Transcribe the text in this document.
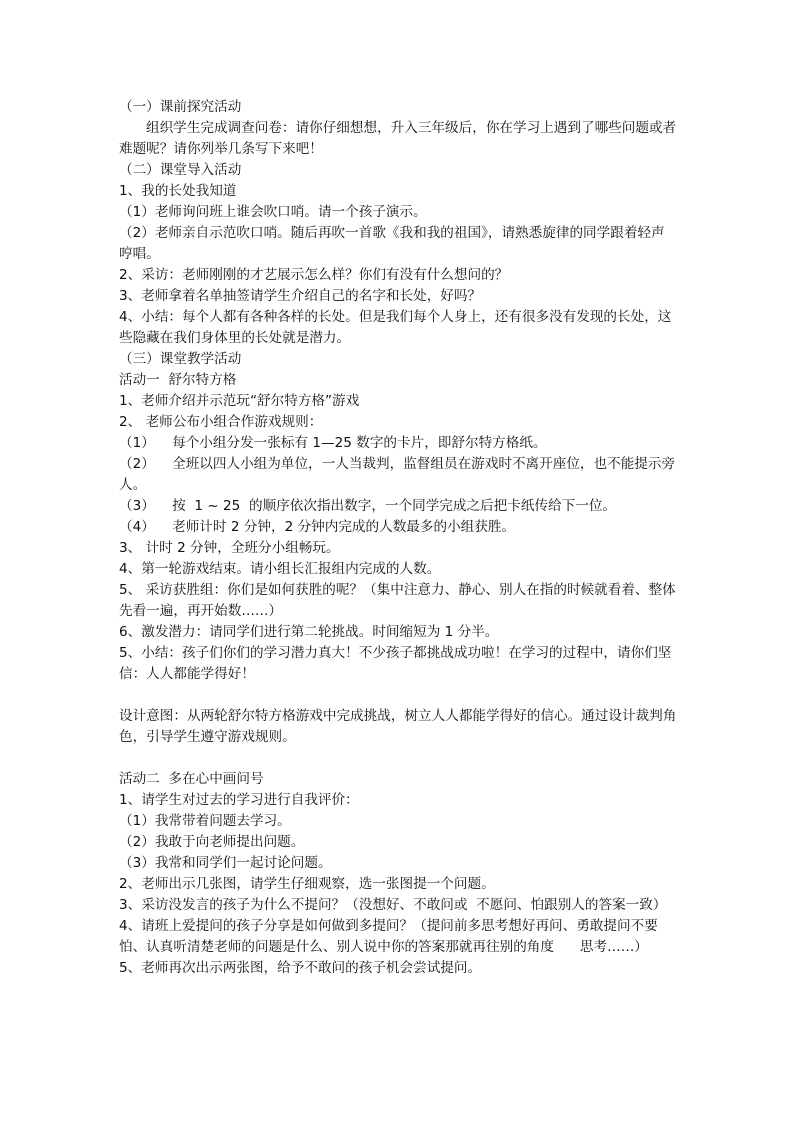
（一）课前探究活动

组织学生完成调查问卷：请你仔细想想，升入三年级后，你在学习上遇到了哪些问题或者难题呢？请你列举几条写下来吧！

（二）课堂导入活动

1、我的长处我知道

（1）老师询问班上谁会吹口哨。请一个孩子演示。

（2）老师亲自示范吹口哨。随后再吹一首歌《我和我的祖国》，请熟悉旋律的同学跟着轻声哼唱。

2、采访：老师刚刚的才艺展示怎么样？你们有没有什么想问的？

3、老师拿着名单抽签请学生介绍自己的名字和长处，好吗？

4、小结：每个人都有各种各样的长处。但是我们每个人身上，还有很多没有发现的长处，这些隐藏在我们身体里的长处就是潜力。

（三）课堂教学活动

活动一  舒尔特方格

1、老师介绍并示范玩“舒尔特方格”游戏

2、 老师公布小组合作游戏规则：

（1）    每个小组分发一张标有 1—25 数字的卡片，即舒尔特方格纸。

（2）    全班以四人小组为单位，一人当裁判，监督组员在游戏时不离开座位，也不能提示旁人。

（3）    按  1 ~ 25  的顺序依次指出数字，一个同学完成之后把卡纸传给下一位。

（4）    老师计时 2 分钟，2 分钟内完成的人数最多的小组获胜。

3、 计时 2 分钟，全班分小组畅玩。

4、第一轮游戏结束。请小组长汇报组内完成的人数。

5、 采访获胜组：你们是如何获胜的呢？（集中注意力、静心、别人在指的时候就看着、整体先看一遍，再开始数……）

6、激发潜力：请同学们进行第二轮挑战。时间缩短为 1 分半。

5、小结：孩子们你们的学习潜力真大！不少孩子都挑战成功啦！在学习的过程中，请你们坚信：人人都能学得好！

设计意图：从两轮舒尔特方格游戏中完成挑战，树立人人都能学得好的信心。通过设计裁判角色，引导学生遵守游戏规则。

活动二  多在心中画问号

1、请学生对过去的学习进行自我评价：

（1）我常带着问题去学习。

（2）我敢于向老师提出问题。

（3）我常和同学们一起讨论问题。

2、老师出示几张图，请学生仔细观察，选一张图提一个问题。

3、采访没发言的孩子为什么不提问？（没想好、不敢问或  不愿问、怕跟别人的答案一致）

4、请班上爱提问的孩子分享是如何做到多提问？（提问前多思考想好再问、勇敢提问不要怕、认真听清楚老师的问题是什么、别人说中你的答案那就再往别的角度      思考……）

5、老师再次出示两张图，给予不敢问的孩子机会尝试提问。
